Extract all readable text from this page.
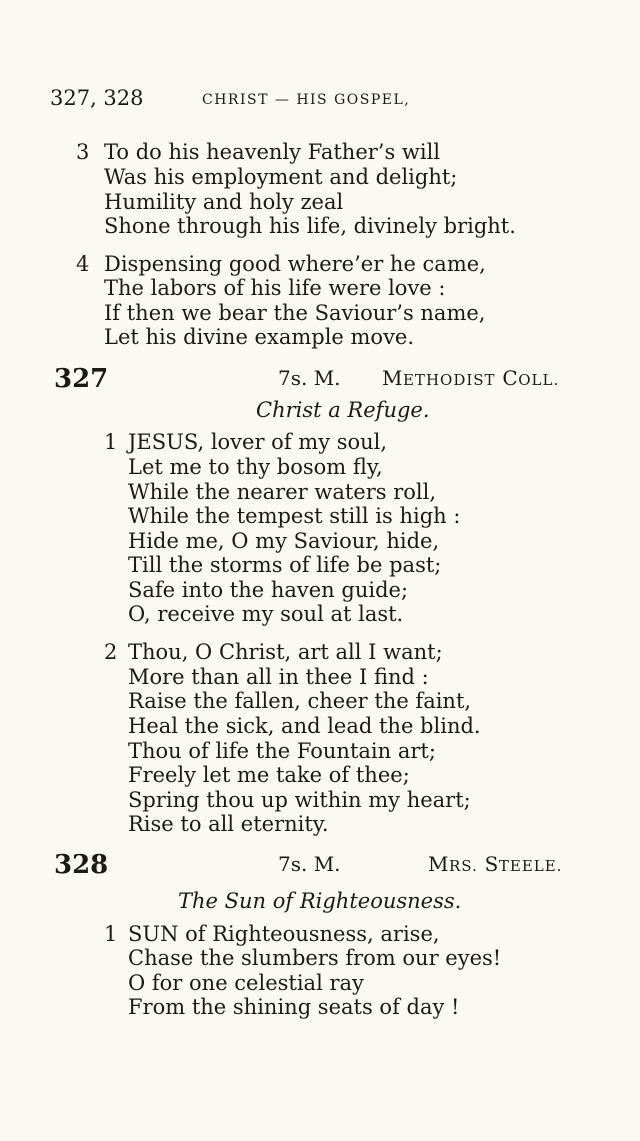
327, 328	CHRIST — HIS GOSPEL,
3 To do his heavenly Father’s will
Was his employment and delight;
Humility and holy zeal
Shone through his life, divinely bright.
4 Dispensing good where’er he came,
The labors of his life were love :
If then we bear the Saviour’s name,
Let his divine example move.
327	7s. M. METHODIST COLL.
Christ a Refuge.
1 JESUS, lover of my soul,
Let me to thy bosom fly,
While the nearer waters roll,
While the tempest still is high :
Hide me, O my Saviour, hide,
Till the storms of life be past;
Safe into the haven guide;
O, receive my soul at last.
2 Thou, O Christ, art all I want;
More than all in thee I find :
Raise the fallen, cheer the faint,
Heal the sick, and lead the blind.
Thou of life the Fountain art;
Freely let me take of thee;
Spring thou up within my heart;
Rise to all eternity.
328	7s. M.	MRS. STEELE.
The Sun of Righteousness.
1 SUN of Righteousness, arise,
Chase the slumbers from our eyes!
O for one celestial ray
From the shining seats of day !
